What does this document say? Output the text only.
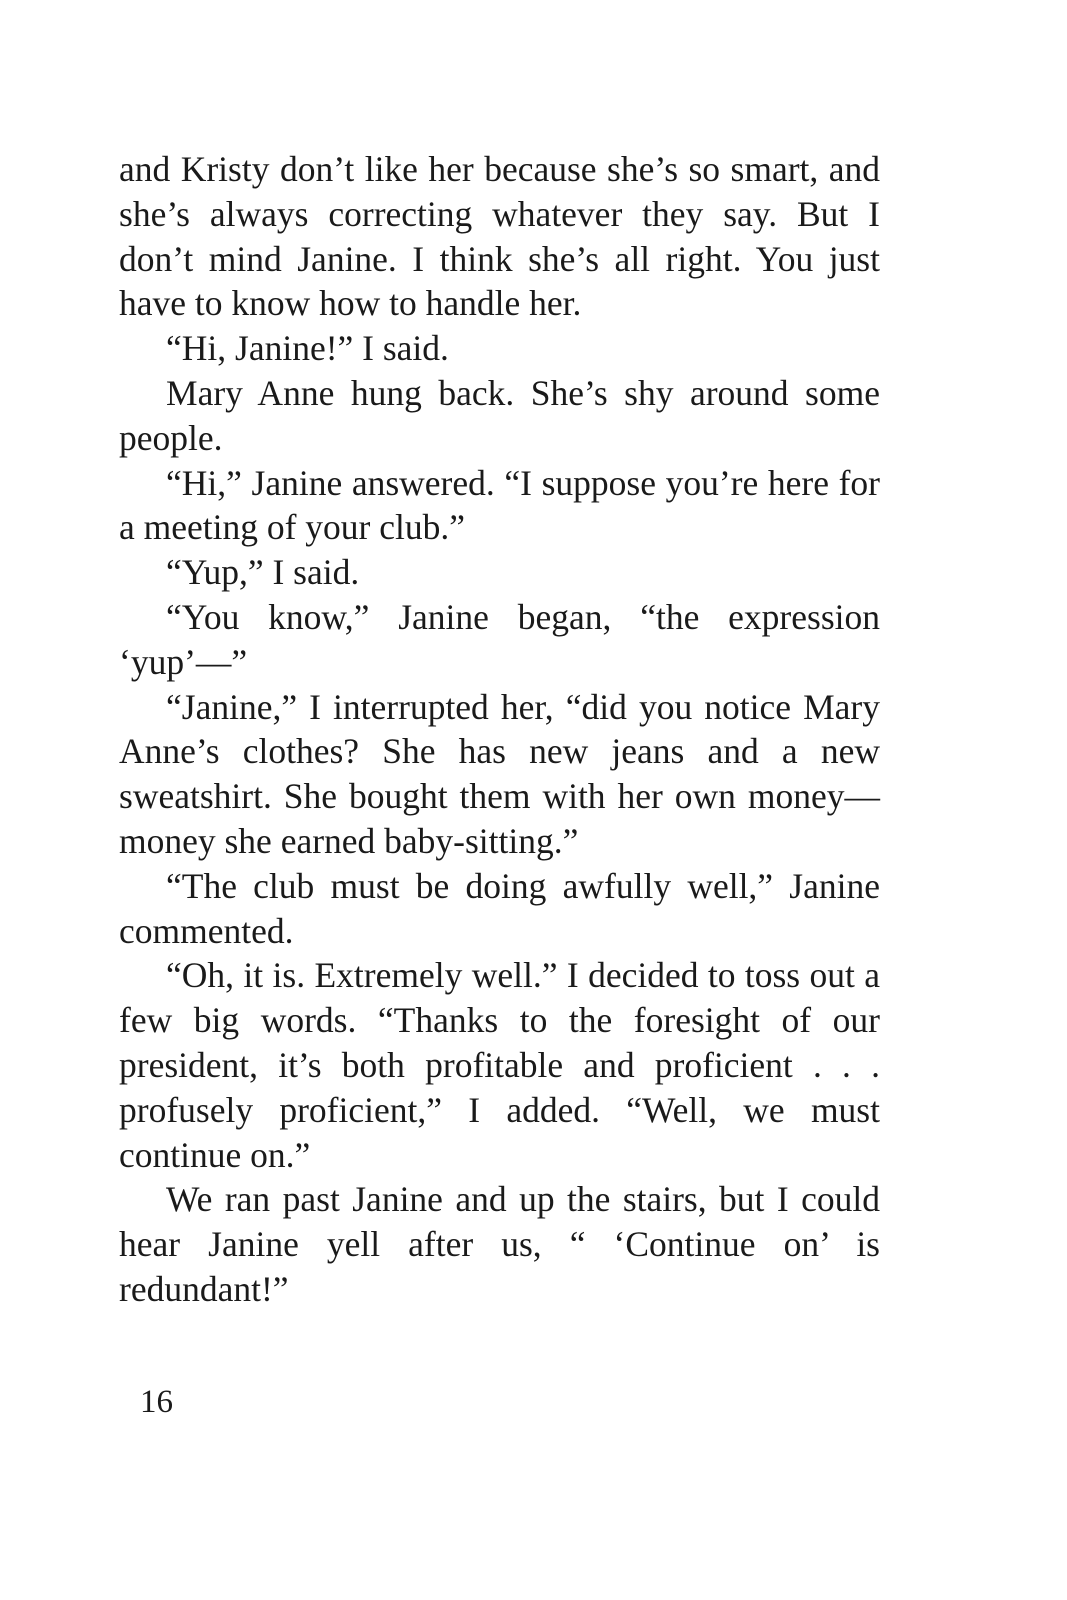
and Kristy don’t like her because she’s so smart, and she’s always correcting whatever they say. But I don’t mind Janine. I think she’s all right. You just have to know how to handle her.

“Hi, Janine!” I said.

Mary Anne hung back. She’s shy around some people.

“Hi,” Janine answered. “I suppose you’re here for a meeting of your club.”

“Yup,” I said.

“You know,” Janine began, “the expression ‘yup’—”

“Janine,” I interrupted her, “did you notice Mary Anne’s clothes? She has new jeans and a new sweatshirt. She bought them with her own money—money she earned baby-sitting.”

“The club must be doing awfully well,” Janine commented.

“Oh, it is. Extremely well.” I decided to toss out a few big words. “Thanks to the foresight of our president, it’s both profitable and proficient . . . profusely proficient,” I added. “Well, we must continue on.”

We ran past Janine and up the stairs, but I could hear Janine yell after us, “ ‘Continue on’ is redundant!”

16
